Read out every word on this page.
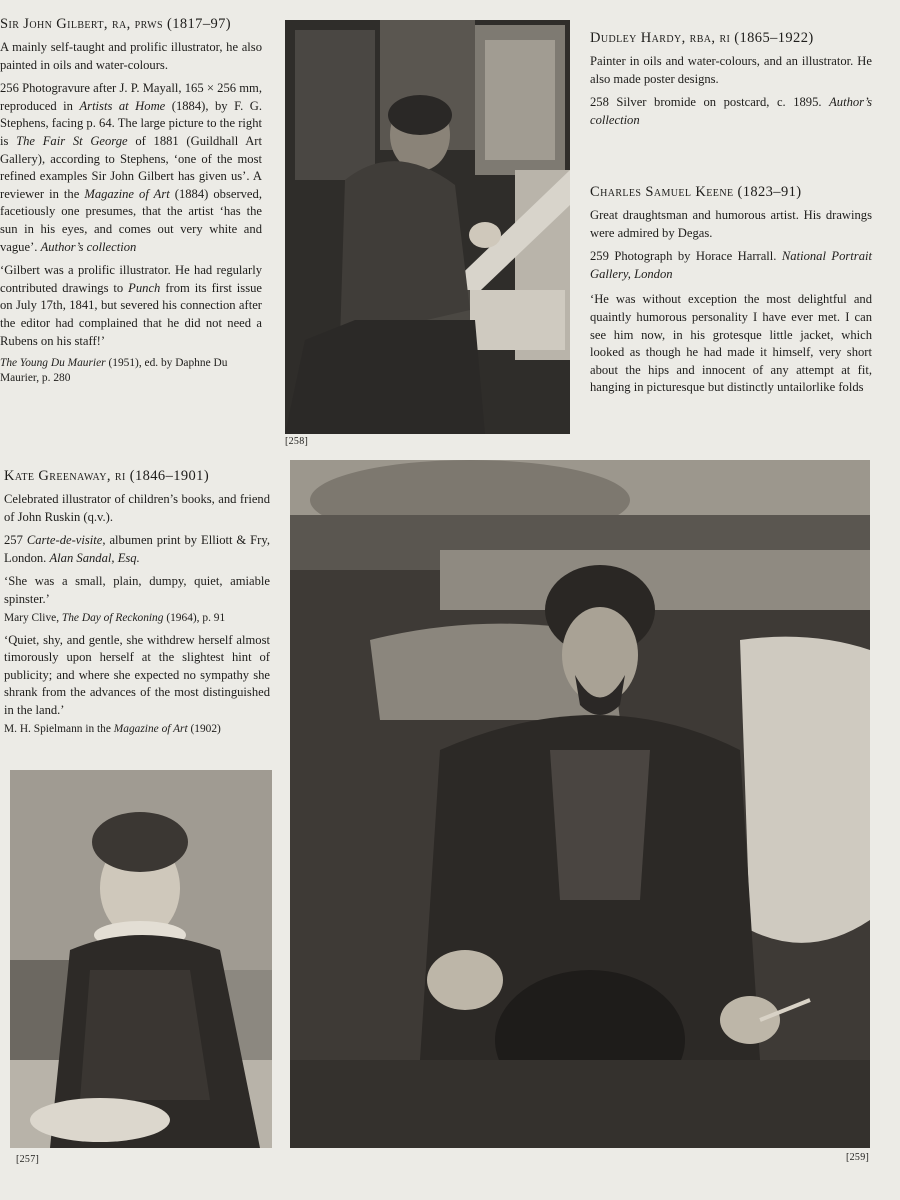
Sir John Gilbert, ra, prws (1817–97)

A mainly self-taught and prolific illustrator, he also painted in oils and water-colours.

256 Photogravure after J. P. Mayall, 165 × 256 mm, reproduced in Artists at Home (1884), by F. G. Stephens, facing p. 64. The large picture to the right is The Fair St George of 1881 (Guildhall Art Gallery), according to Stephens, ‘one of the most refined examples Sir John Gilbert has given us’. A reviewer in the Magazine of Art (1884) observed, facetiously one presumes, that the artist ‘has the sun in his eyes, and comes out very white and vague’. Author’s collection

‘Gilbert was a prolific illustrator. He had regularly contributed drawings to Punch from its first issue on July 17th, 1841, but severed his connection after the editor had complained that he did not need a Rubens on his staff!’

The Young Du Maurier (1951), ed. by Daphne Du Maurier, p. 280

[258]
Dudley Hardy, rba, ri (1865–1922)

Painter in oils and water-colours, and an illustrator. He also made poster designs.

258 Silver bromide on postcard, c. 1895. Author’s collection

Charles Samuel Keene (1823–91)

Great draughtsman and humorous artist. His drawings were admired by Degas.

259 Photograph by Horace Harrall. National Portrait Gallery, London

‘He was without exception the most delightful and quaintly humorous personality I have ever met. I can see him now, in his grotesque little jacket, which looked as though he had made it himself, very short about the hips and innocent of any attempt at fit, hanging in picturesque but distinctly untailorlike folds

Kate Greenaway, ri (1846–1901)

Celebrated illustrator of children’s books, and friend of John Ruskin (q.v.).

257 Carte-de-visite, albumen print by Elliott & Fry, London. Alan Sandal, Esq.

‘She was a small, plain, dumpy, quiet, amiable spinster.’

Mary Clive, The Day of Reckoning (1964), p. 91

‘Quiet, shy, and gentle, she withdrew herself almost timorously upon herself at the slightest hint of publicity; and where she expected no sympathy she shrank from the advances of the most distinguished in the land.’

M. H. Spielmann in the Magazine of Art (1902)

[257]	[259]
